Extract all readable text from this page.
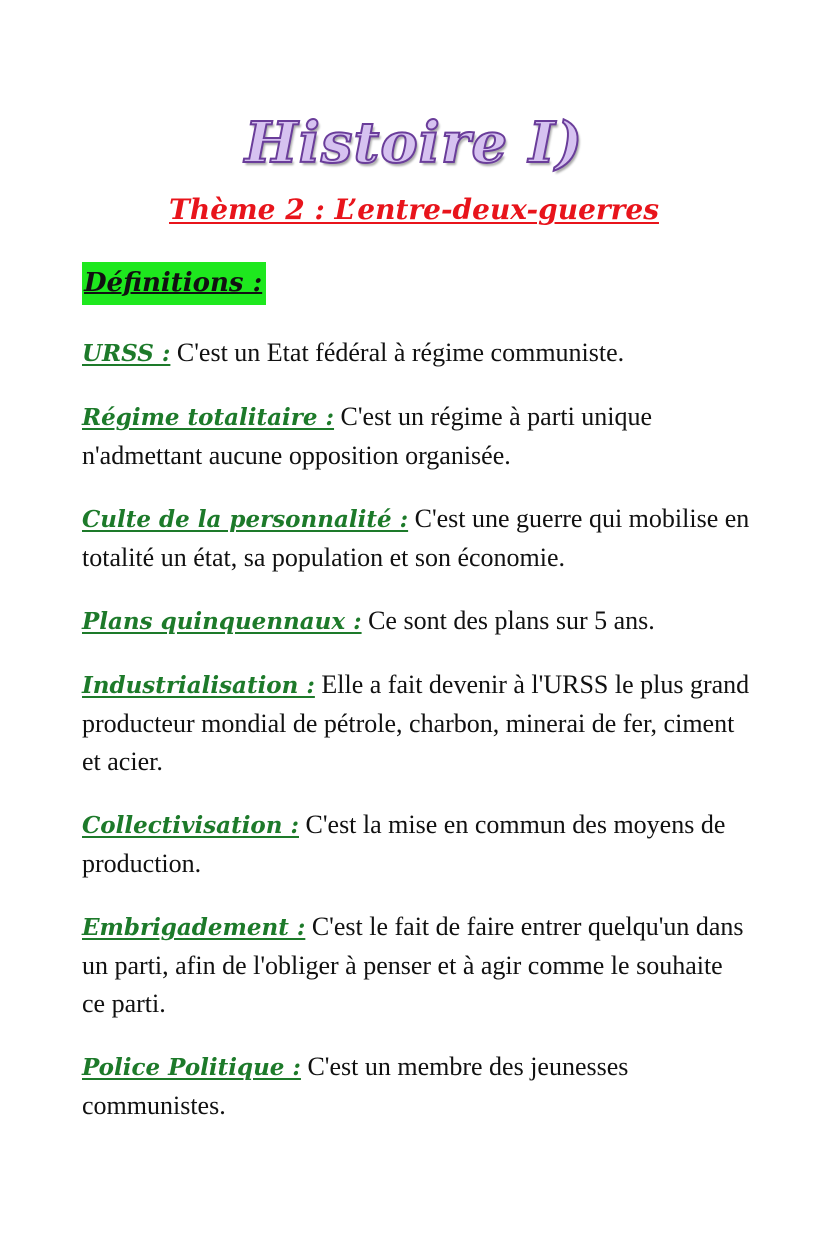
Histoire I)
Thème 2 : L’entre-deux-guerres
Définitions :
URSS : C'est un Etat fédéral à régime communiste.
Régime totalitaire : C'est un régime à parti unique n'admettant aucune opposition organisée.
Culte de la personnalité : C'est une guerre qui mobilise en totalité un état, sa population et son économie.
Plans quinquennaux : Ce sont des plans sur 5 ans.
Industrialisation : Elle a fait devenir à l'URSS le plus grand producteur mondial de pétrole, charbon, minerai de fer, ciment et acier.
Collectivisation : C'est la mise en commun des moyens de production.
Embrigadement : C'est le fait de faire entrer quelqu'un dans un parti, afin de l'obliger à penser et à agir comme le souhaite ce parti.
Police Politique : C'est un membre des jeunesses communistes.
